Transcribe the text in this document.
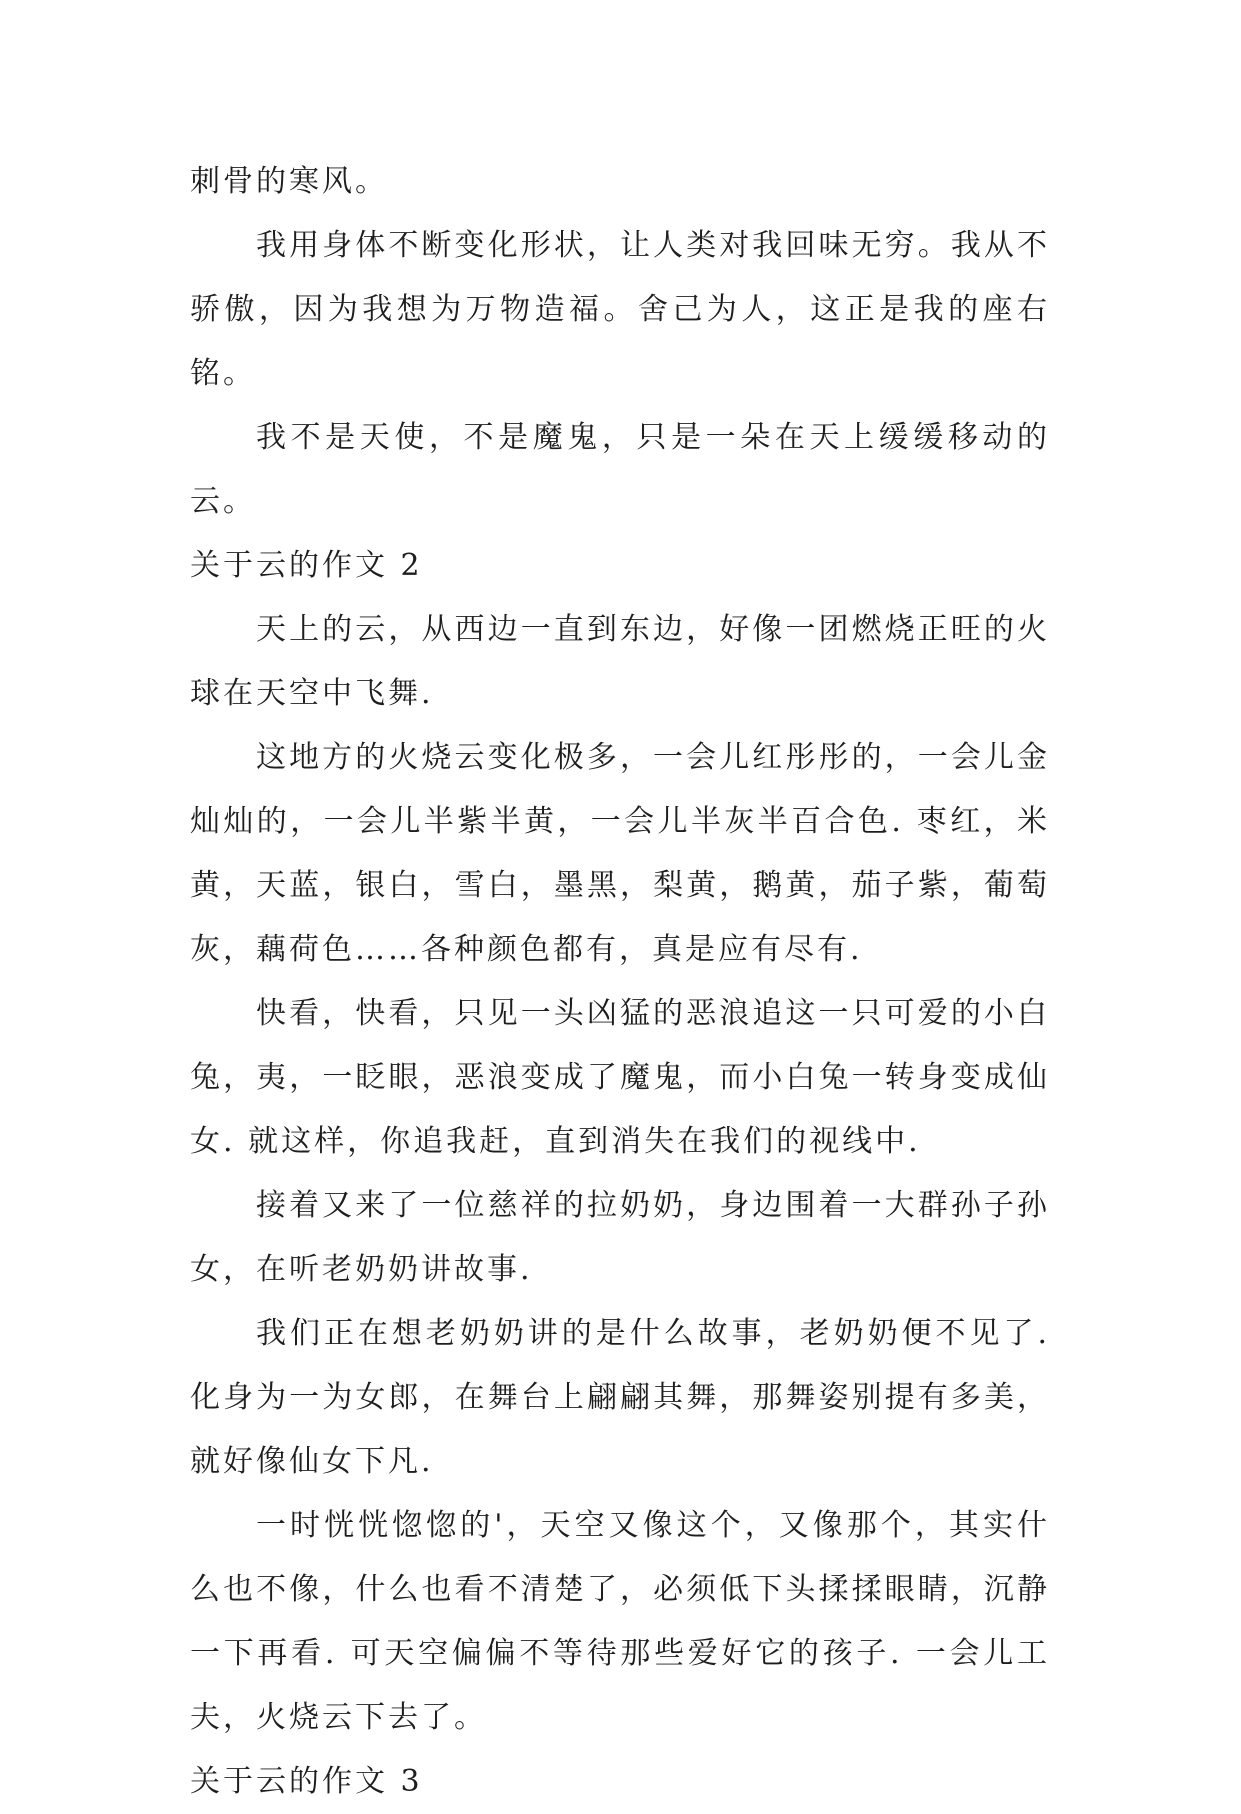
刺骨的寒风。

我用身体不断变化形状，让人类对我回味无穷。我从不骄傲，因为我想为万物造福。舍己为人，这正是我的座右铭。

我不是天使，不是魔鬼，只是一朵在天上缓缓移动的云。

关于云的作文 2

天上的云，从西边一直到东边，好像一团燃烧正旺的火球在天空中飞舞.

这地方的火烧云变化极多，一会儿红彤彤的，一会儿金灿灿的，一会儿半紫半黄，一会儿半灰半百合色. 枣红，米黄，天蓝，银白，雪白，墨黑，梨黄，鹅黄，茄子紫，葡萄灰，藕荷色……各种颜色都有，真是应有尽有.

快看，快看，只见一头凶猛的恶浪追这一只可爱的小白兔，夷，一眨眼，恶浪变成了魔鬼，而小白兔一转身变成仙女. 就这样，你追我赶，直到消失在我们的视线中.

接着又来了一位慈祥的拉奶奶，身边围着一大群孙子孙女，在听老奶奶讲故事.

我们正在想老奶奶讲的是什么故事，老奶奶便不见了. 化身为一为女郎，在舞台上翩翩其舞，那舞姿别提有多美，就好像仙女下凡.

一时恍恍惚惚的'，天空又像这个，又像那个，其实什么也不像，什么也看不清楚了，必须低下头揉揉眼睛，沉静一下再看. 可天空偏偏不等待那些爱好它的孩子. 一会儿工夫，火烧云下去了。

关于云的作文 3
